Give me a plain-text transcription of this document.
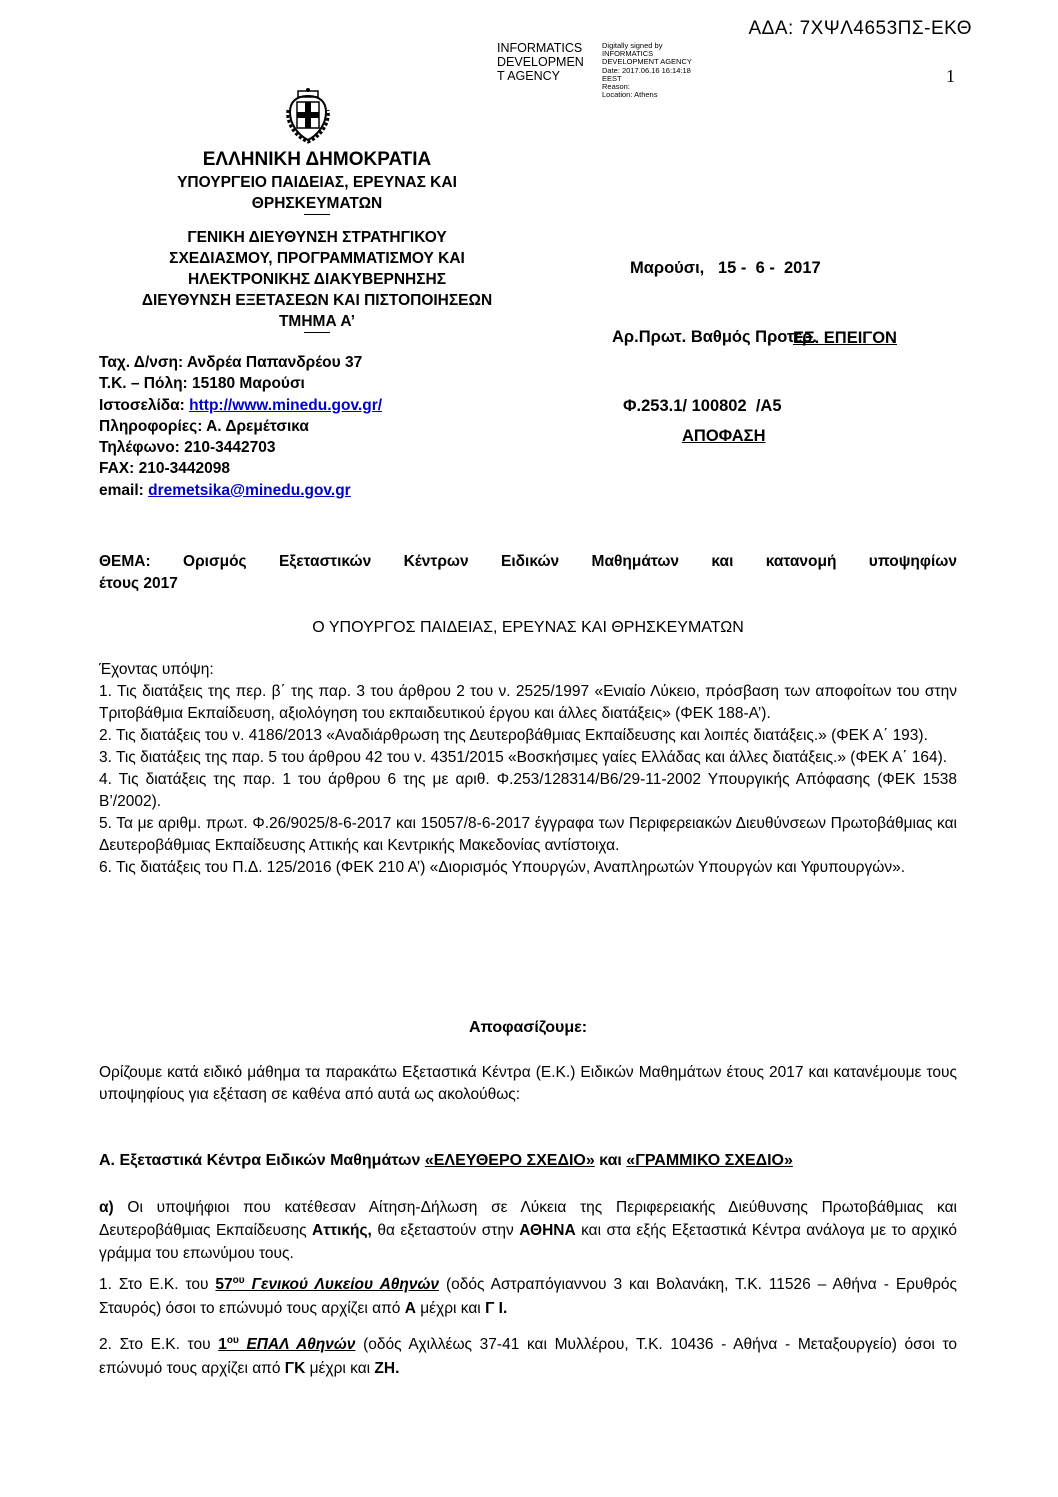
ΑΔΑ: 7ΧΨΛ4653ΠΣ-ΕΚΘ
INFORMATICS
DEVELOPMEN
T AGENCY
Digitally signed by
INFORMATICS
DEVELOPMENT AGENCY
Date: 2017.06.16 16:14:18
EEST
Reason:
Location: Athens
1
ΕΛΛΗΝΙΚΗ ΔΗΜΟΚΡΑΤΙΑ
ΥΠΟΥΡΓΕΙΟ ΠΑΙΔΕΙΑΣ, ΕΡΕΥΝΑΣ ΚΑΙ
ΘΡΗΣΚΕΥΜΑΤΩΝ
ΓΕΝΙΚΗ ΔΙΕΥΘΥΝΣΗ ΣΤΡΑΤΗΓΙΚΟΥ
ΣΧΕΔΙΑΣΜΟΥ, ΠΡΟΓΡΑΜΜΑΤΙΣΜΟΥ ΚΑΙ
ΗΛΕΚΤΡΟΝΙΚΗΣ ΔΙΑΚΥΒΕΡΝΗΣΗΣ
ΔΙΕΥΘΥΝΣΗ ΕΞΕΤΑΣΕΩΝ ΚΑΙ ΠΙΣΤΟΠΟΙΗΣΕΩΝ
ΤΜΗΜΑ Α’
Ταχ. Δ/νση: Ανδρέα Παπανδρέου 37
Τ.Κ. – Πόλη: 15180 Μαρούσι
Ιστοσελίδα: http://www.minedu.gov.gr/
Πληροφορίες: Α. Δρεμέτσικα
Τηλέφωνο: 210-3442703
FAX: 210-3442098
email: dremetsika@minedu.gov.gr

Μαρούσι,   15 -  6 -  2017

Αρ.Πρωτ. Βαθμός Προτερ.

Φ.253.1/ 100802  /Α5

ΕΞ. ΕΠΕΙΓΟΝ
ΑΠΟΦΑΣΗ
ΘΕΜΑ: Ορισμός Εξεταστικών Κέντρων Ειδικών Μαθημάτων και κατανομή υποψηφίων
έτους 2017
Ο ΥΠΟΥΡΓΟΣ ΠΑΙΔΕΙΑΣ, ΕΡΕΥΝΑΣ ΚΑΙ ΘΡΗΣΚΕΥΜΑΤΩΝ
Έχοντας υπόψη:
1. Τις διατάξεις της περ. β΄ της παρ. 3 του άρθρου 2 του ν. 2525/1997 «Ενιαίο Λύκειο, πρόσβαση των αποφοίτων του στην Τριτοβάθμια Εκπαίδευση, αξιολόγηση του εκπαιδευτικού έργου και άλλες διατάξεις» (ΦΕΚ 188-Α’).
2. Τις διατάξεις του ν. 4186/2013 «Αναδιάρθρωση της Δευτεροβάθμιας Εκπαίδευσης και λοιπές διατάξεις.» (ΦΕΚ Α΄ 193).
3. Τις διατάξεις της παρ. 5 του άρθρου 42 του ν. 4351/2015 «Βοσκήσιμες γαίες Ελλάδας και άλλες διατάξεις.» (ΦΕΚ Α΄ 164).
4. Τις διατάξεις της παρ. 1 του άρθρου 6 της με αριθ. Φ.253/128314/Β6/29-11-2002 Υπουργικής Απόφασης (ΦΕΚ 1538 Β’/2002).
5. Τα με αριθμ. πρωτ. Φ.26/9025/8-6-2017 και 15057/8-6-2017 έγγραφα των Περιφερειακών Διευθύνσεων Πρωτοβάθμιας και Δευτεροβάθμιας Εκπαίδευσης Αττικής και Κεντρικής Μακεδονίας αντίστοιχα.
6. Τις διατάξεις του Π.Δ. 125/2016 (ΦΕΚ 210 Α’) «Διορισμός Υπουργών, Αναπληρωτών Υπουργών και Υφυπουργών».
Αποφασίζουμε:
Ορίζουμε κατά ειδικό μάθημα τα παρακάτω Εξεταστικά Κέντρα (Ε.Κ.) Ειδικών Μαθημάτων έτους 2017 και κατανέμουμε τους υποψηφίους για εξέταση σε καθένα από αυτά ως ακολούθως:
Α. Εξεταστικά Κέντρα Ειδικών Μαθημάτων «ΕΛΕΥΘΕΡΟ ΣΧΕΔΙΟ» και «ΓΡΑΜΜΙΚΟ ΣΧΕΔΙΟ»
α) Οι υποψήφιοι που κατέθεσαν Αίτηση-Δήλωση σε Λύκεια της Περιφερειακής Διεύθυνσης Πρωτοβάθμιας και Δευτεροβάθμιας Εκπαίδευσης Αττικής, θα εξεταστούν στην ΑΘΗΝΑ και στα εξής Εξεταστικά Κέντρα ανάλογα με το αρχικό γράμμα του επωνύμου τους.
1. Στο Ε.Κ. του $57^{o\upsilon}$ Γενικού Λυκείου Αθηνών (οδός Αστραπόγιαννου 3 και Βολανάκη, Τ.Κ. 11526 – Αθήνα - Ερυθρός Σταυρός) όσοι το επώνυμό τους αρχίζει από Α μέχρι και Γ Ι.
2. Στο Ε.Κ. του $1^{o\upsilon}$ ΕΠΑΛ Αθηνών (οδός Αχιλλέως 37-41 και Μυλλέρου, Τ.Κ. 10436 - Αθήνα - Μεταξουργείο) όσοι το επώνυμό τους αρχίζει από ΓΚ μέχρι και ΖΗ.
